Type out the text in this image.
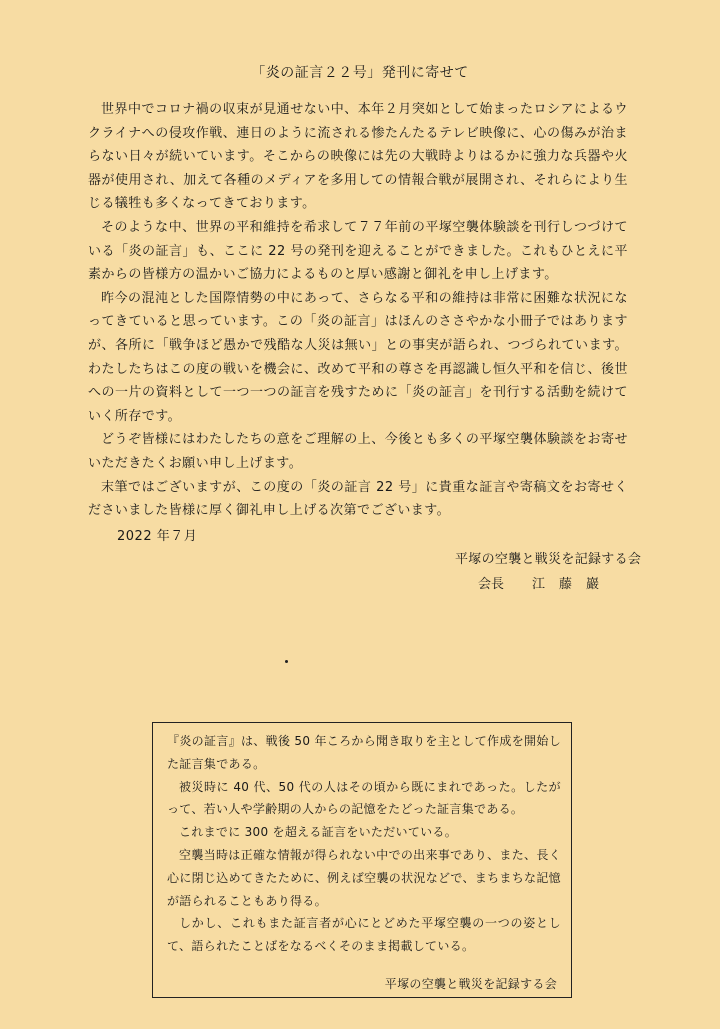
「炎の証言２２号」発刊に寄せて

世界中でコロナ禍の収束が見通せない中、本年２月突如として始まったロシアによるウクライナへの侵攻作戦、連日のように流される惨たんたるテレビ映像に、心の傷みが治まらない日々が続いています。そこからの映像には先の大戦時よりはるかに強力な兵器や火器が使用され、加えて各種のメディアを多用しての情報合戦が展開され、それらにより生じる犠牲も多くなってきております。

そのような中、世界の平和維持を希求して７７年前の平塚空襲体験談を刊行しつづけている「炎の証言」も、ここに 22 号の発刊を迎えることができました。これもひとえに平素からの皆様方の温かいご協力によるものと厚い感謝と御礼を申し上げます。

昨今の混沌とした国際情勢の中にあって、さらなる平和の維持は非常に困難な状況になってきていると思っています。この「炎の証言」はほんのささやかな小冊子ではありますが、各所に「戦争ほど愚かで残酷な人災は無い」との事実が語られ、つづられています。わたしたちはこの度の戦いを機会に、改めて平和の尊さを再認識し恒久平和を信じ、後世への一片の資料として一つ一つの証言を残すために「炎の証言」を刊行する活動を続けていく所存です。

どうぞ皆様にはわたしたちの意をご理解の上、今後とも多くの平塚空襲体験談をお寄せいただきたくお願い申し上げます。

末筆ではございますが、この度の「炎の証言 22 号」に貴重な証言や寄稿文をお寄せくださいました皆様に厚く御礼申し上げる次第でございます。

2022 年７月
平塚の空襲と戦災を記録する会
会長 江藤巖

『炎の証言』は、戦後 50 年ころから聞き取りを主として作成を開始した証言集である。

被災時に 40 代、50 代の人はその頃から既にまれであった。したがって、若い人や学齢期の人からの記憶をたどった証言集である。

これまでに 300 を超える証言をいただいている。

空襲当時は正確な情報が得られない中での出来事であり、また、長く心に閉じ込めてきたために、例えば空襲の状況などで、まちまちな記憶が語られることもあり得る。

しかし、これもまた証言者が心にとどめた平塚空襲の一つの姿として、語られたことばをなるべくそのまま掲載している。

平塚の空襲と戦災を記録する会
